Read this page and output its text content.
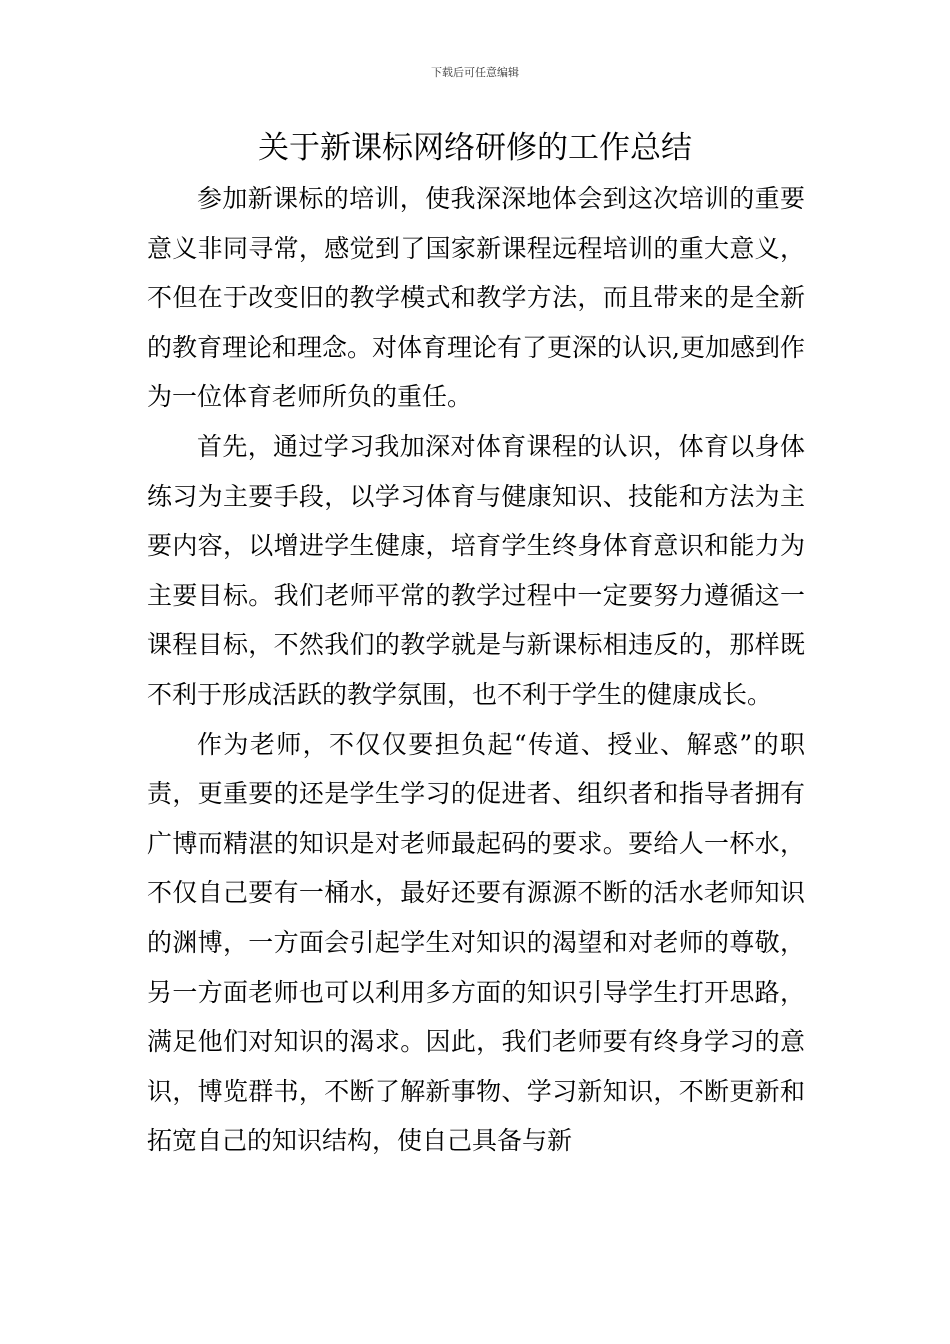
下载后可任意编辑
关于新课标网络研修的工作总结

参加新课标的培训，使我深深地体会到这次培训的重要意义非同寻常，感觉到了国家新课程远程培训的重大意义，不但在于改变旧的教学模式和教学方法，而且带来的是全新的教育理论和理念。对体育理论有了更深的认识,更加感到作为一位体育老师所负的重任。

首先，通过学习我加深对体育课程的认识，体育以身体练习为主要手段，以学习体育与健康知识、技能和方法为主要内容，以增进学生健康，培育学生终身体育意识和能力为主要目标。我们老师平常的教学过程中一定要努力遵循这一课程目标，不然我们的教学就是与新课标相违反的，那样既不利于形成活跃的教学氛围，也不利于学生的健康成长。

作为老师，不仅仅要担负起“传道、授业、解惑”的职责，更重要的还是学生学习的促进者、组织者和指导者拥有广博而精湛的知识是对老师最起码的要求。要给人一杯水，不仅自己要有一桶水，最好还要有源源不断的活水老师知识的渊博，一方面会引起学生对知识的渴望和对老师的尊敬，另一方面老师也可以利用多方面的知识引导学生打开思路，满足他们对知识的渴求。因此，我们老师要有终身学习的意识，博览群书，不断了解新事物、学习新知识，不断更新和拓宽自己的知识结构，使自己具备与新
